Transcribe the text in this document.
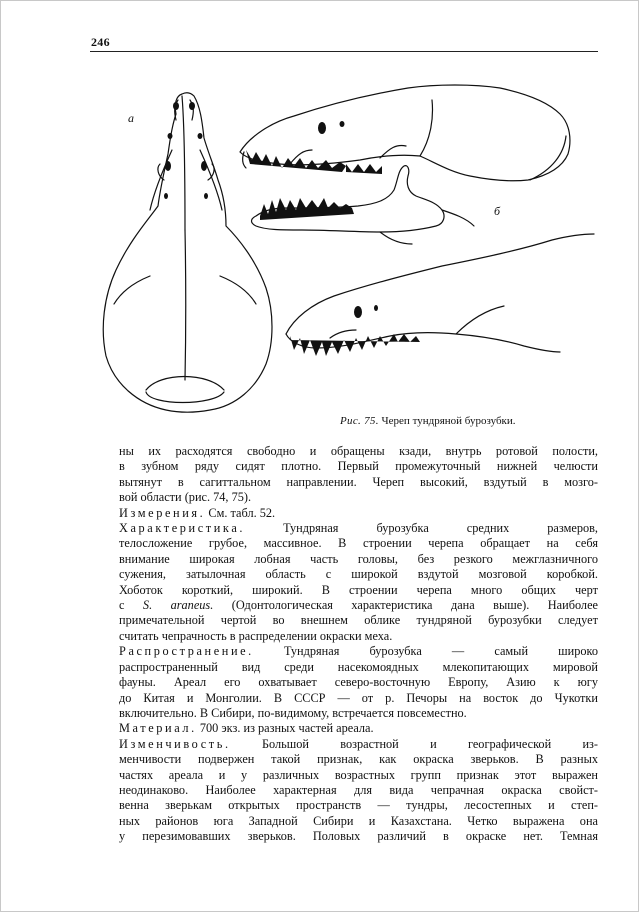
246
а
б
Рис. 75. Череп тундряной бурозубки.
ны их расходятся свободно и обращены кзади, внутрь ротовой полости,
в зубном ряду сидят плотно. Первый промежуточный нижней челюсти
вытянут в сагиттальном направлении. Череп высокий, вздутый в мозго-
вой области (рис. 74, 75).
Измерения. См. табл. 52.
Характеристика. Тундряная бурозубка средних размеров,
телосложение грубое, массивное. В строении черепа обращает на себя
внимание широкая лобная часть головы, без резкого межглазничного
сужения, затылочная область с широкой вздутой мозговой коробкой.
Хоботок короткий, широкий. В строении черепа много общих черт
с S. araneus. (Одонтологическая характеристика дана выше). Наиболее
примечательной чертой во внешнем облике тундряной бурозубки следует
считать чепрачность в распределении окраски меха.
Распространение. Тундряная бурозубка — самый широко
распространенный вид среди насекомоядных млекопитающих мировой
фауны. Ареал его охватывает северо-восточную Европу, Азию к югу
до Китая и Монголии. В СССР — от р. Печоры на восток до Чукотки
включительно. В Сибири, по-видимому, встречается повсеместно.
Материал. 700 экз. из разных частей ареала.
Изменчивость. Большой возрастной и географической из-
менчивости подвержен такой признак, как окраска зверьков. В разных
частях ареала и у различных возрастных групп признак этот выражен
неодинаково. Наиболее характерная для вида чепрачная окраска свойст-
венна зверькам открытых пространств — тундры, лесостепных и степ-
ных районов юга Западной Сибири и Казахстана. Четко выражена она
у перезимовавших зверьков. Половых различий в окраске нет. Темная
